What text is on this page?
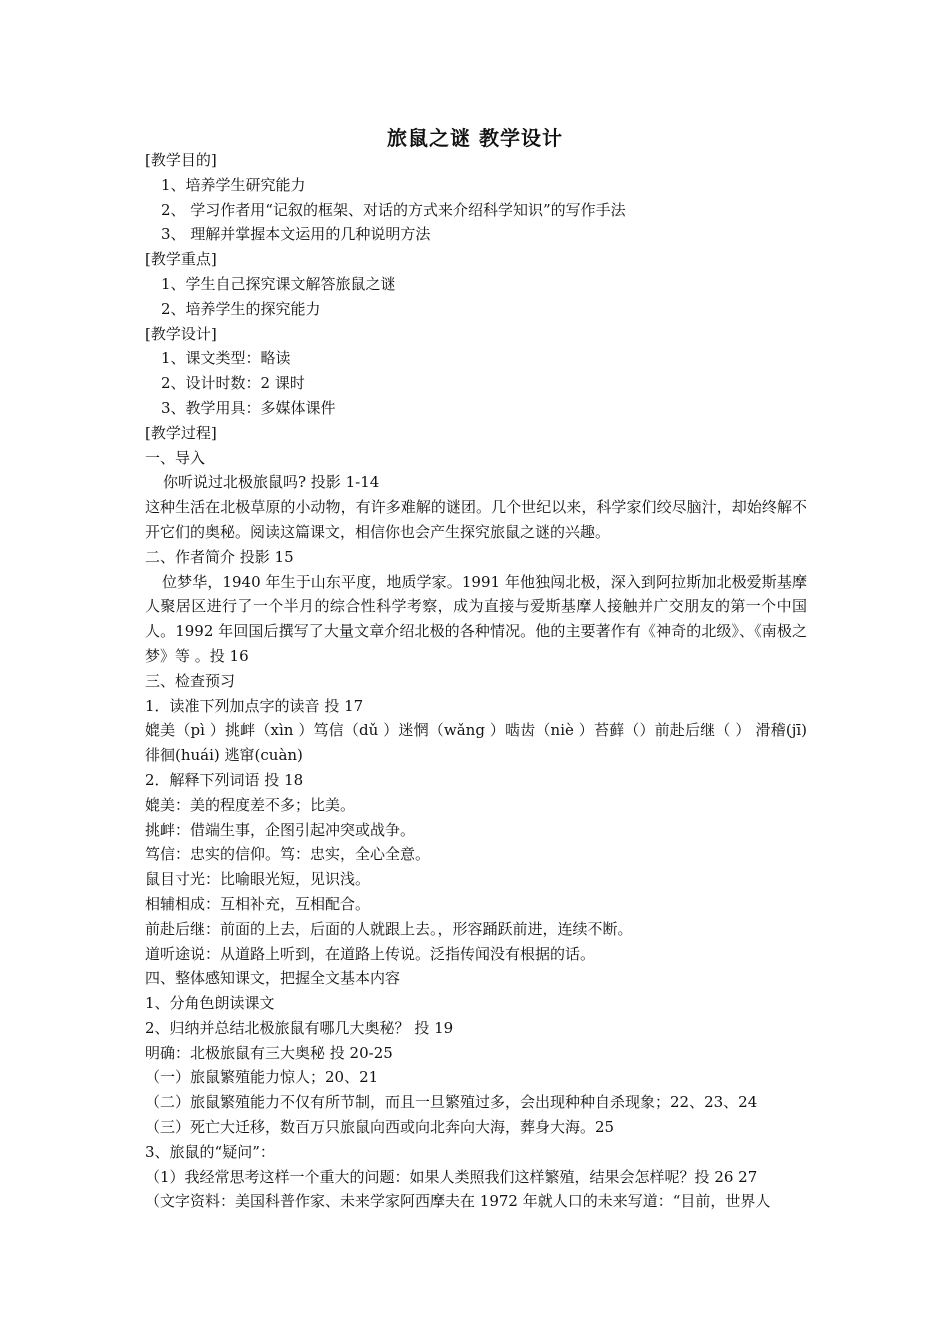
旅鼠之谜 教学设计
[教学目的]
1、培养学生研究能力
2、 学习作者用“记叙的框架、对话的方式来介绍科学知识”的写作手法
3、 理解并掌握本文运用的几种说明方法
[教学重点]
1、学生自己探究课文解答旅鼠之谜
2、培养学生的探究能力
[教学设计]
1、课文类型：略读
2、设计时数：2 课时
3、教学用具：多媒体课件
[教学过程]
一、导入
你听说过北极旅鼠吗? 投影 1-14
这种生活在北极草原的小动物，有许多难解的谜团。几个世纪以来，科学家们绞尽脑汁，却始终解不开它们的奥秘。阅读这篇课文，相信你也会产生探究旅鼠之谜的兴趣。
二、作者简介 投影 15
位梦华，1940 年生于山东平度，地质学家。1991 年他独闯北极，深入到阿拉斯加北极爱斯基摩人聚居区进行了一个半月的综合性科学考察，成为直接与爱斯基摩人接触并广交朋友的第一个中国人。1992 年回国后撰写了大量文章介绍北极的各种情况。他的主要著作有《神奇的北级》、《南极之梦》等 。投 16
三、检查预习
1．读准下列加点字的读音 投 17
媲美（pì ）挑衅（xìn ）笃信（dǔ ）迷惘（wǎng ）啮齿（niè ）苔藓（）前赴后继（ ） 滑稽(jī) 徘徊(huái) 逃窜(cuàn)
2．解释下列词语 投 18
媲美：美的程度差不多；比美。
挑衅：借端生事，企图引起冲突或战争。
笃信：忠实的信仰。笃：忠实，全心全意。
鼠目寸光：比喻眼光短，见识浅。
相辅相成：互相补充，互相配合。
前赴后继：前面的上去，后面的人就跟上去。，形容踊跃前进，连续不断。
道听途说：从道路上听到，在道路上传说。泛指传闻没有根据的话。
四、整体感知课文，把握全文基本内容
1、分角色朗读课文
2、归纳并总结北极旅鼠有哪几大奥秘？ 投 19
明确：北极旅鼠有三大奥秘 投 20-25
（一）旅鼠繁殖能力惊人；20、21
（二）旅鼠繁殖能力不仅有所节制，而且一旦繁殖过多，会出现种种自杀现象；22、23、24
（三）死亡大迁移，数百万只旅鼠向西或向北奔向大海，葬身大海。25
3、旅鼠的“疑问”：
（1）我经常思考这样一个重大的问题：如果人类照我们这样繁殖，结果会怎样呢？投 26 27
（文字资料：美国科普作家、未来学家阿西摩夫在 1972 年就人口的未来写道：“目前，世界人
